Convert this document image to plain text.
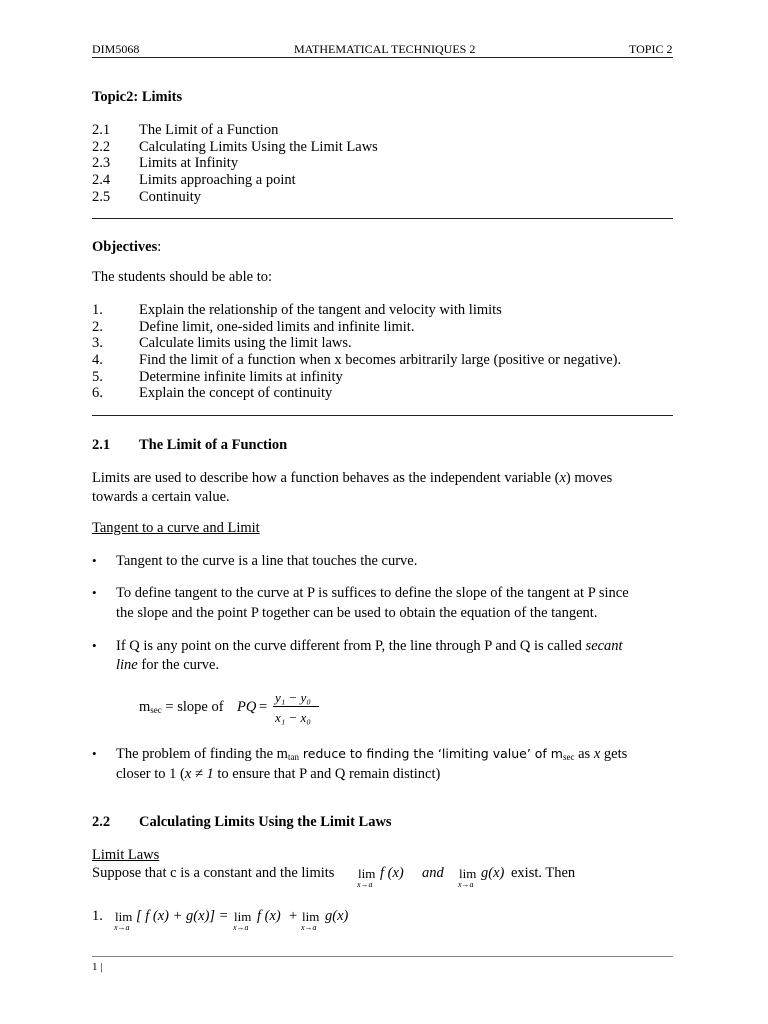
DIM5068	MATHEMATICAL TECHNIQUES 2	TOPIC 2
Topic2: Limits
2.1 The Limit of a Function
2.2 Calculating Limits Using the Limit Laws
2.3 Limits at Infinity
2.4 Limits approaching a point
2.5 Continuity
Objectives:
The students should be able to:
1. Explain the relationship of the tangent and velocity with limits
2. Define limit, one-sided limits and infinite limit.
3. Calculate limits using the limit laws.
4. Find the limit of a function when x becomes arbitrarily large (positive or negative).
5. Determine infinite limits at infinity
6. Explain the concept of continuity
2.1 The Limit of a Function
Limits are used to describe how a function behaves as the independent variable (x) moves
towards a certain value.
Tangent to a curve and Limit
• Tangent to the curve is a line that touches the curve.
• To define tangent to the curve at P is suffices to define the slope of the tangent at P since
the slope and the point P together can be used to obtain the equation of the tangent.
• If Q is any point on the curve different from P, the line through P and Q is called secant
line for the curve.
$m_{sec}$ = slope of PQ =
y₁ − y₀
x₁ − x₀
• The problem of finding the $m_{tan}$ reduce to finding the ‘limiting value’ of $m_{sec}$ as x gets
closer to 1 (x ≠ 1 to ensure that P and Q remain distinct)
2.2 Calculating Limits Using the Limit Laws
Limit Laws
Suppose that c is a constant and the limits lim
x→a
f (x) and lim
x→a
g(x) exist. Then
1. lim
x→a
[ f (x) + g(x)] = lim
x→a
f (x) + lim
x→a
g(x)
1 |
